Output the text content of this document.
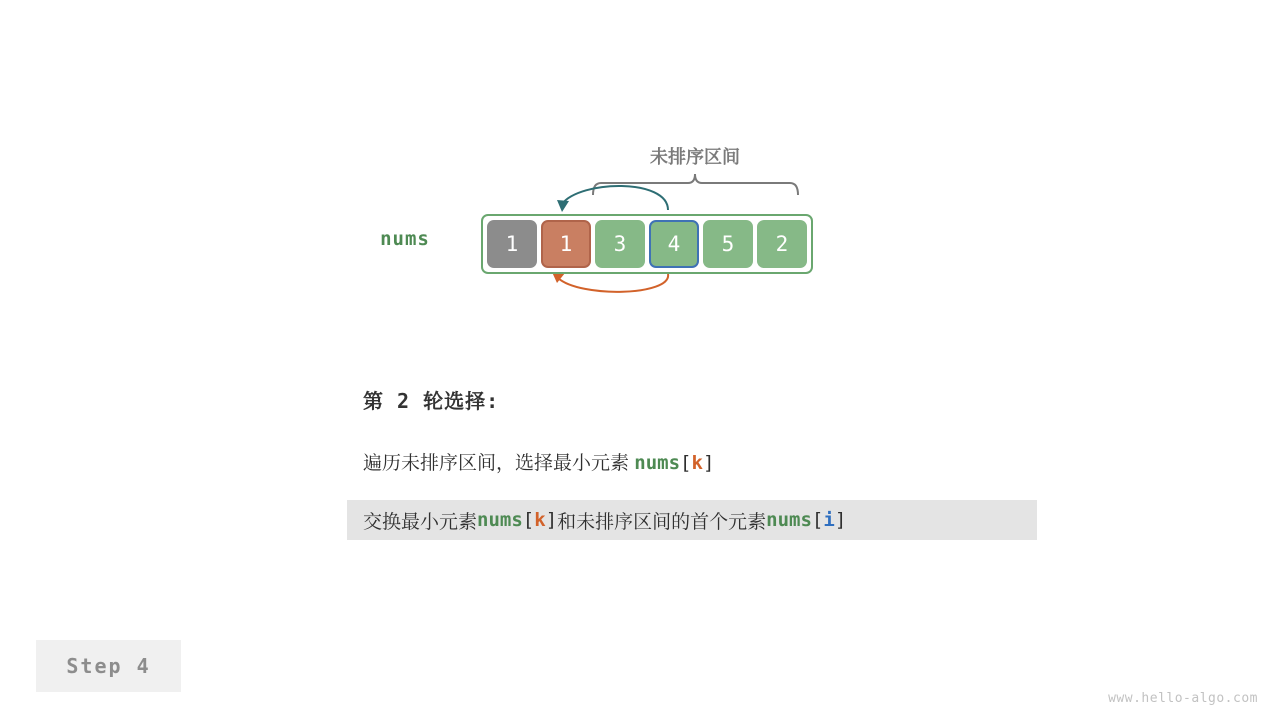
未排序区间
nums	1	1	3	4	5	2
第 2 轮选择:
遍历未排序区间，选择最小元素 nums[k]
交换最小元素 nums [ k ] 和未排序区间的首个元素 nums [ i ]
Step 4
www.hello-algo.com
